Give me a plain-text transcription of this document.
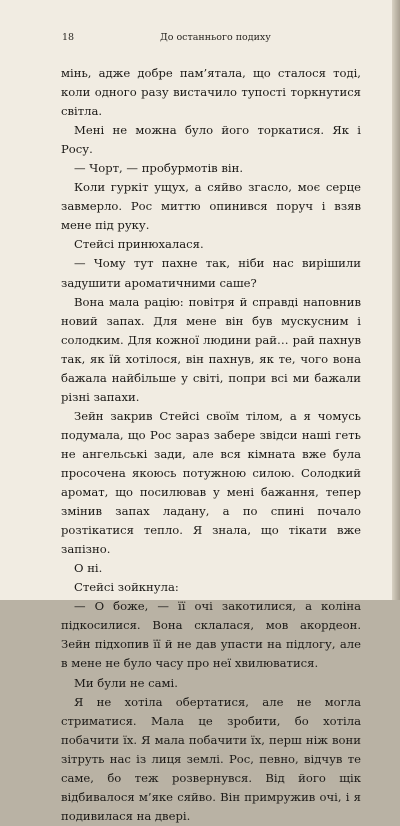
18	До останнього подиху

мінь, адже добре пам’ятала, що сталося тоді, коли одного разу вистачило тупості торкнутися світла.

Мені не можна було його торкатися. Як і Росу.

— Чорт, — пробурмотів він.

Коли гуркіт ущух, а сяйво згасло, моє серце завмерло. Рос миттю опинився поруч і взяв мене під руку.

Стейсі принюхалася.

— Чому тут пахне так, ніби нас вирішили задушити ароматичними саше?

Вона мала рацію: повітря й справді наповнив новий запах. Для мене він був мускусним і солодким. Для кожної людини рай… рай пахнув так, як їй хотілося, він пахнув, як те, чого вона бажала найбільше у світі, попри всі ми бажали різні запахи.

Зейн закрив Стейсі своїм тілом, а я чомусь подумала, що Рос зараз забере звідси наші геть не ангельські зади, але вся кімната вже була просочена якоюсь потужною силою. Солодкий аромат, що посилював у мені бажання, тепер змінив запах ладану, а по спині почало розтікатися тепло. Я знала, що тікати вже запізно.

О ні.

Стейсі зойкнула:

— О боже, — її очі закотилися, а коліна підкосилися. Вона склалася, мов акордеон. Зейн підхопив її й не дав упасти на підлогу, але в мене не було часу про неї хвилюватися.

Ми були не самі.

Я не хотіла обертатися, але не могла стриматися. Мала це зробити, бо хотіла побачити їх. Я мала побачити їх, перш ніж вони зітруть нас із лиця землі. Рос, певно, відчув те саме, бо теж розвернувся. Від його щік відбивалося м’яке сяйво. Він примружив очі, і я подивилася на двері.
